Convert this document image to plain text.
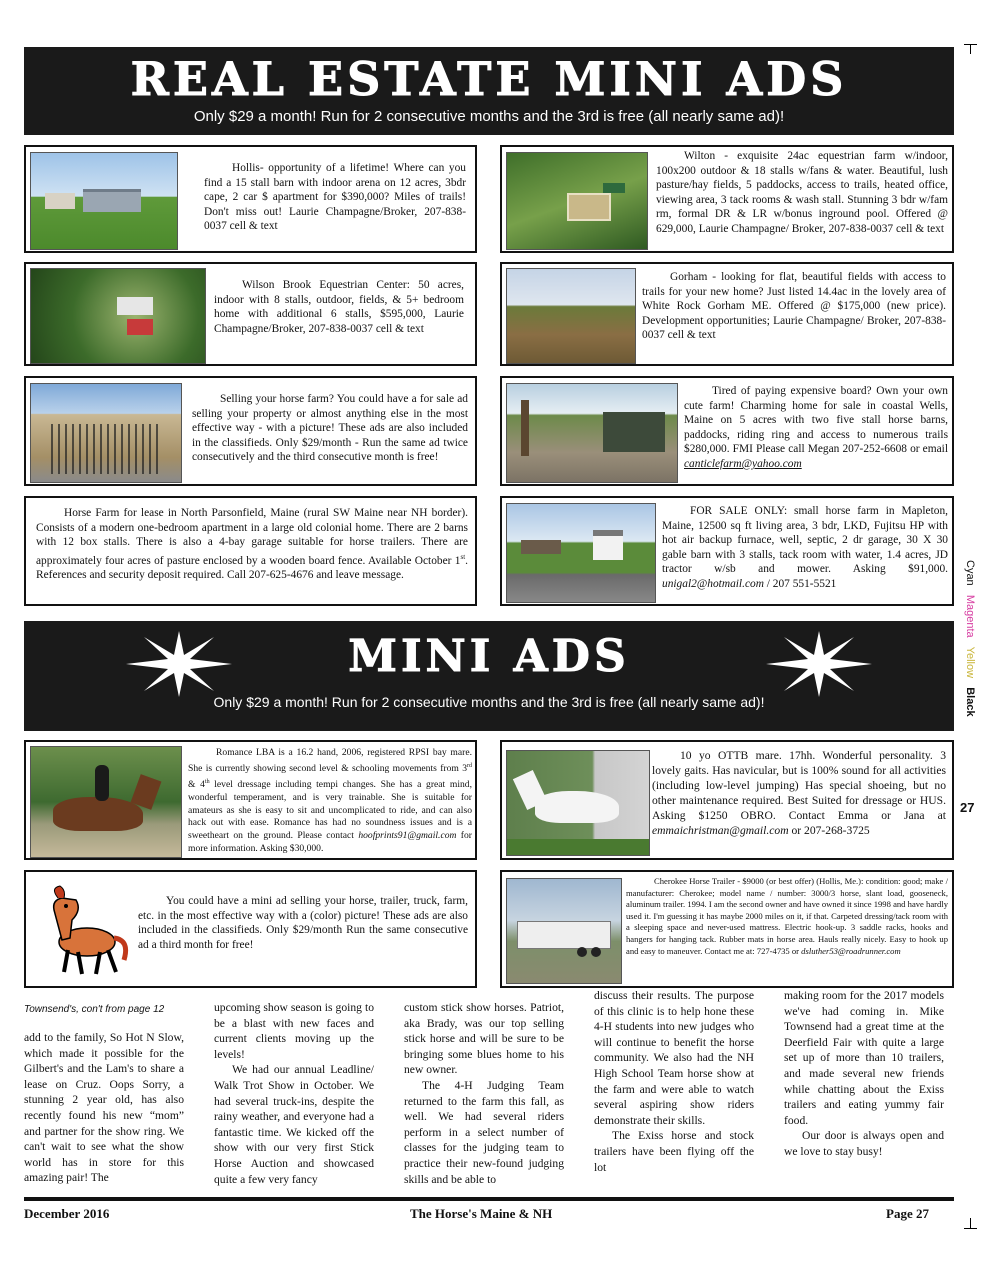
REAL ESTATE MINI ADS
Only $29 a month! Run for 2 consecutive months and the 3rd is free (all nearly same ad)!
Hollis- opportunity of a lifetime! Where can you find a 15 stall barn with indoor arena on 12 acres, 3bdr cape, 2 car $ apartment for $390,000? Miles of trails! Don't miss out! Laurie Champagne/Broker, 207-838-0037 cell & text
Wilton - exquisite 24ac equestrian farm w/indoor, 100x200 outdoor & 18 stalls w/fans & water. Beautiful, lush pasture/hay fields, 5 paddocks, access to trails, heated office, viewing area, 3 tack rooms & wash stall. Stunning 3 bdr w/fam rm, formal DR & LR w/bonus inground pool. Offered @ 629,000, Laurie Champagne/ Broker, 207-838-0037 cell & text
Wilson Brook Equestrian Center: 50 acres, indoor with 8 stalls, outdoor, fields, & 5+ bedroom home with additional 6 stalls, $595,000, Laurie Champagne/Broker, 207-838-0037 cell & text
Gorham - looking for flat, beautiful fields with access to trails for your new home? Just listed 14.4ac in the lovely area of White Rock Gorham ME. Offered @ $175,000 (new price). Development opportunities; Laurie Champagne/ Broker, 207-838-0037 cell & text
Selling your horse farm? You could have a for sale ad selling your property or almost anything else in the most effective way - with a picture! These ads are also included in the classifieds. Only $29/month - Run the same ad twice consecutively and the third consecutive month is free!
Tired of paying expensive board? Own your own cute farm! Charming home for sale in coastal Wells, Maine on 5 acres with two five stall horse barns, paddocks, riding ring and access to numerous trails $280,000. FMI Please call Megan 207-252-6608 or email canticlefarm@yahoo.com
Horse Farm for lease in North Parsonfield, Maine (rural SW Maine near NH border). Consists of a modern one-bedroom apartment in a large old colonial home. There are 2 barns with 12 box stalls. There is also a 4-bay garage suitable for horse trailers. There are approximately four acres of pasture enclosed by a wooden board fence. Available October 1st. References and security deposit required. Call 207-625-4676 and leave message.
FOR SALE ONLY: small horse farm in Mapleton, Maine, 12500 sq ft living area, 3 bdr, LKD, Fujitsu HP with hot air backup furnace, well, septic, 2 dr garage, 30 X 30 gable barn with 3 stalls, tack room with water, 1.4 acres, JD tractor w/sb and mower. Asking $91,000. unigal2@hotmail.com / 207 551-5521
MINI ADS
Only $29 a month! Run for 2 consecutive months and the 3rd is free (all nearly same ad)!
Romance LBA is a 16.2 hand, 2006, registered RPSI bay mare. She is currently showing second level & schooling movements from 3rd & 4th level dressage including tempi changes. She has a great mind, wonderful temperament, and is very trainable. She is suitable for amateurs as she is easy to sit and uncomplicated to ride, and can also hack out with ease. Romance has had no soundness issues and is a sweetheart on the ground. Please contact hoofprints91@gmail.com for more information. Asking $30,000.
10 yo OTTB mare. 17hh. Wonderful personality. 3 lovely gaits. Has navicular, but is 100% sound for all activities (including low-level jumping) Has special shoeing, but no other maintenance required. Best Suited for dressage or HUS. Asking $1250 OBRO. Contact Emma or Jana at emmaichristman@gmail.com or 207-268-3725
You could have a mini ad selling your horse, trailer, truck, farm, etc. in the most effective way with a (color) picture! These ads are also included in the classifieds. Only $29/month Run the same consecutive ad a third month for free!
Cherokee Horse Trailer - $9000 (or best offer) (Hollis, Me.): condition: good; make / manufacturer: Cherokee; model name / number: 3000/3 horse, slant load, gooseneck, aluminum trailer. 1994. I am the second owner and have owned it since 1998 and have hardly used it. I'm guessing it has maybe 2000 miles on it, if that. Carpeted dressing/tack room with a sleeping space and never-used mattress. Electric hook-up. 3 saddle racks, hooks and hangers for hanging tack. Rubber mats in horse area. Hauls really nicely. Easy to hook up and easy to maneuver. Contact me at: 727-4735 or dsluther53@roadrunner.com
Townsend's, con't from page 12

add to the family, So Hot N Slow, which made it possible for the Gilbert's and the Lam's to share a lease on Cruz. Oops Sorry, a stunning 2 year old, has also recently found his new “mom” and partner for the show ring. We can't wait to see what the show world has in store for this amazing pair! The

upcoming show season is going to be a blast with new faces and current clients moving up the levels!

We had our annual Leadline/ Walk Trot Show in October. We had several truck-ins, despite the rainy weather, and everyone had a fantastic time. We kicked off the show with our very first Stick Horse Auction and showcased quite a few very fancy

custom stick show horses. Patriot, aka Brady, was our top selling stick horse and will be sure to be bringing some blues home to his new owner.

The 4-H Judging Team returned to the farm this fall, as well. We had several riders perform in a select number of classes for the judging team to practice their new-found judging skills and be able to

discuss their results. The purpose of this clinic is to help hone these 4-H students into new judges who will continue to benefit the horse community. We also had the NH High School Team horse show at the farm and were able to watch several aspiring show riders demonstrate their skills.

The Exiss horse and stock trailers have been flying off the lot

making room for the 2017 models we've had coming in. Mike Townsend had a great time at the Deerfield Fair with quite a large set up of more than 10 trailers, and made several new friends while chatting about the Exiss trailers and eating yummy fair food.

Our door is always open and we love to stay busy!

December 2016	The Horse's Maine & NH	Page 27
Cyan   Magenta   Yellow   Black
27
